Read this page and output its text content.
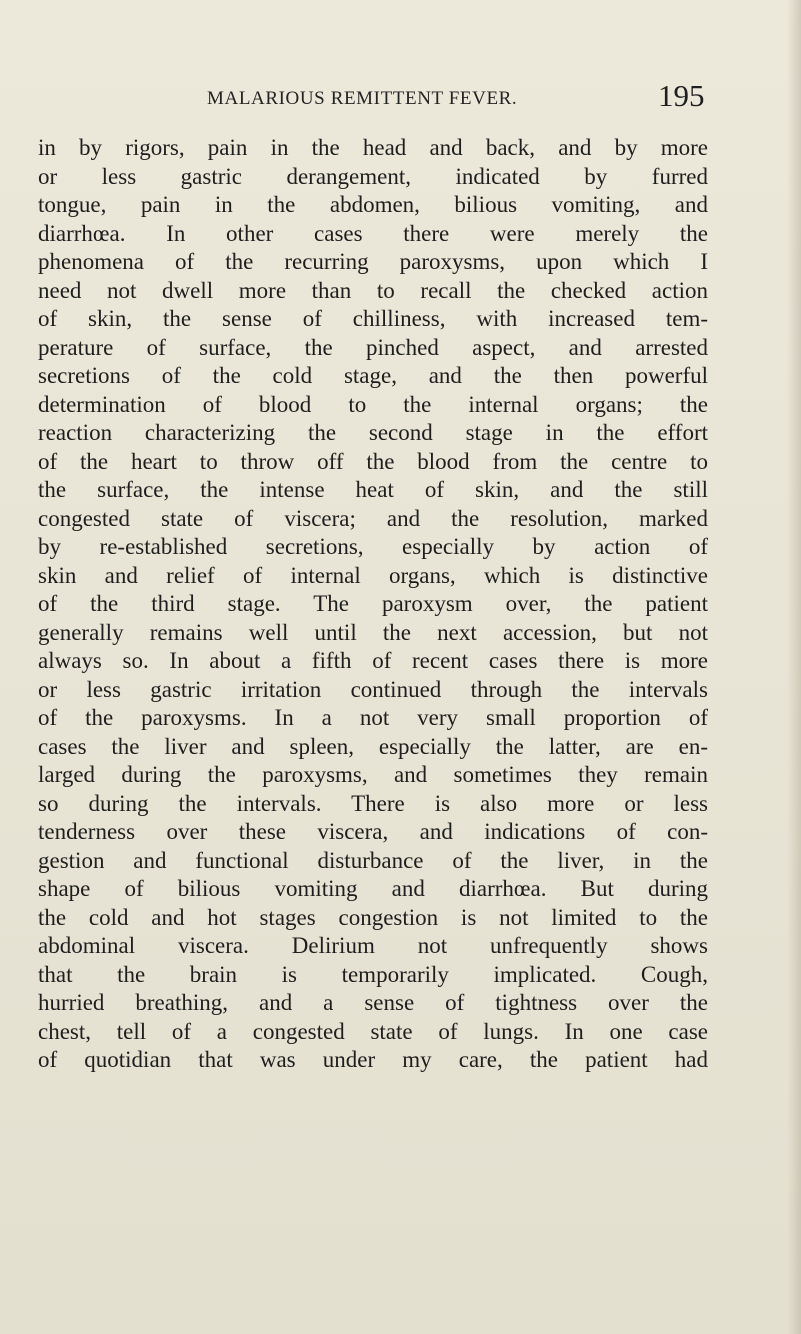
MALARIOUS REMITTENT FEVER.	195
in by rigors, pain in the head and back, and by more
or less gastric derangement, indicated by furred
tongue, pain in the abdomen, bilious vomiting, and
diarrhœa. In other cases there were merely the
phenomena of the recurring paroxysms, upon which I
need not dwell more than to recall the checked action
of skin, the sense of chilliness, with increased tem-
perature of surface, the pinched aspect, and arrested
secretions of the cold stage, and the then powerful
determination of blood to the internal organs; the
reaction characterizing the second stage in the effort
of the heart to throw off the blood from the centre to
the surface, the intense heat of skin, and the still
congested state of viscera; and the resolution, marked
by re-established secretions, especially by action of
skin and relief of internal organs, which is distinctive
of the third stage. The paroxysm over, the patient
generally remains well until the next accession, but not
always so. In about a fifth of recent cases there is more
or less gastric irritation continued through the intervals
of the paroxysms. In a not very small proportion of
cases the liver and spleen, especially the latter, are en-
larged during the paroxysms, and sometimes they remain
so during the intervals. There is also more or less
tenderness over these viscera, and indications of con-
gestion and functional disturbance of the liver, in the
shape of bilious vomiting and diarrhœa. But during
the cold and hot stages congestion is not limited to the
abdominal viscera. Delirium not unfrequently shows
that the brain is temporarily implicated. Cough,
hurried breathing, and a sense of tightness over the
chest, tell of a congested state of lungs. In one case
of quotidian that was under my care, the patient had
